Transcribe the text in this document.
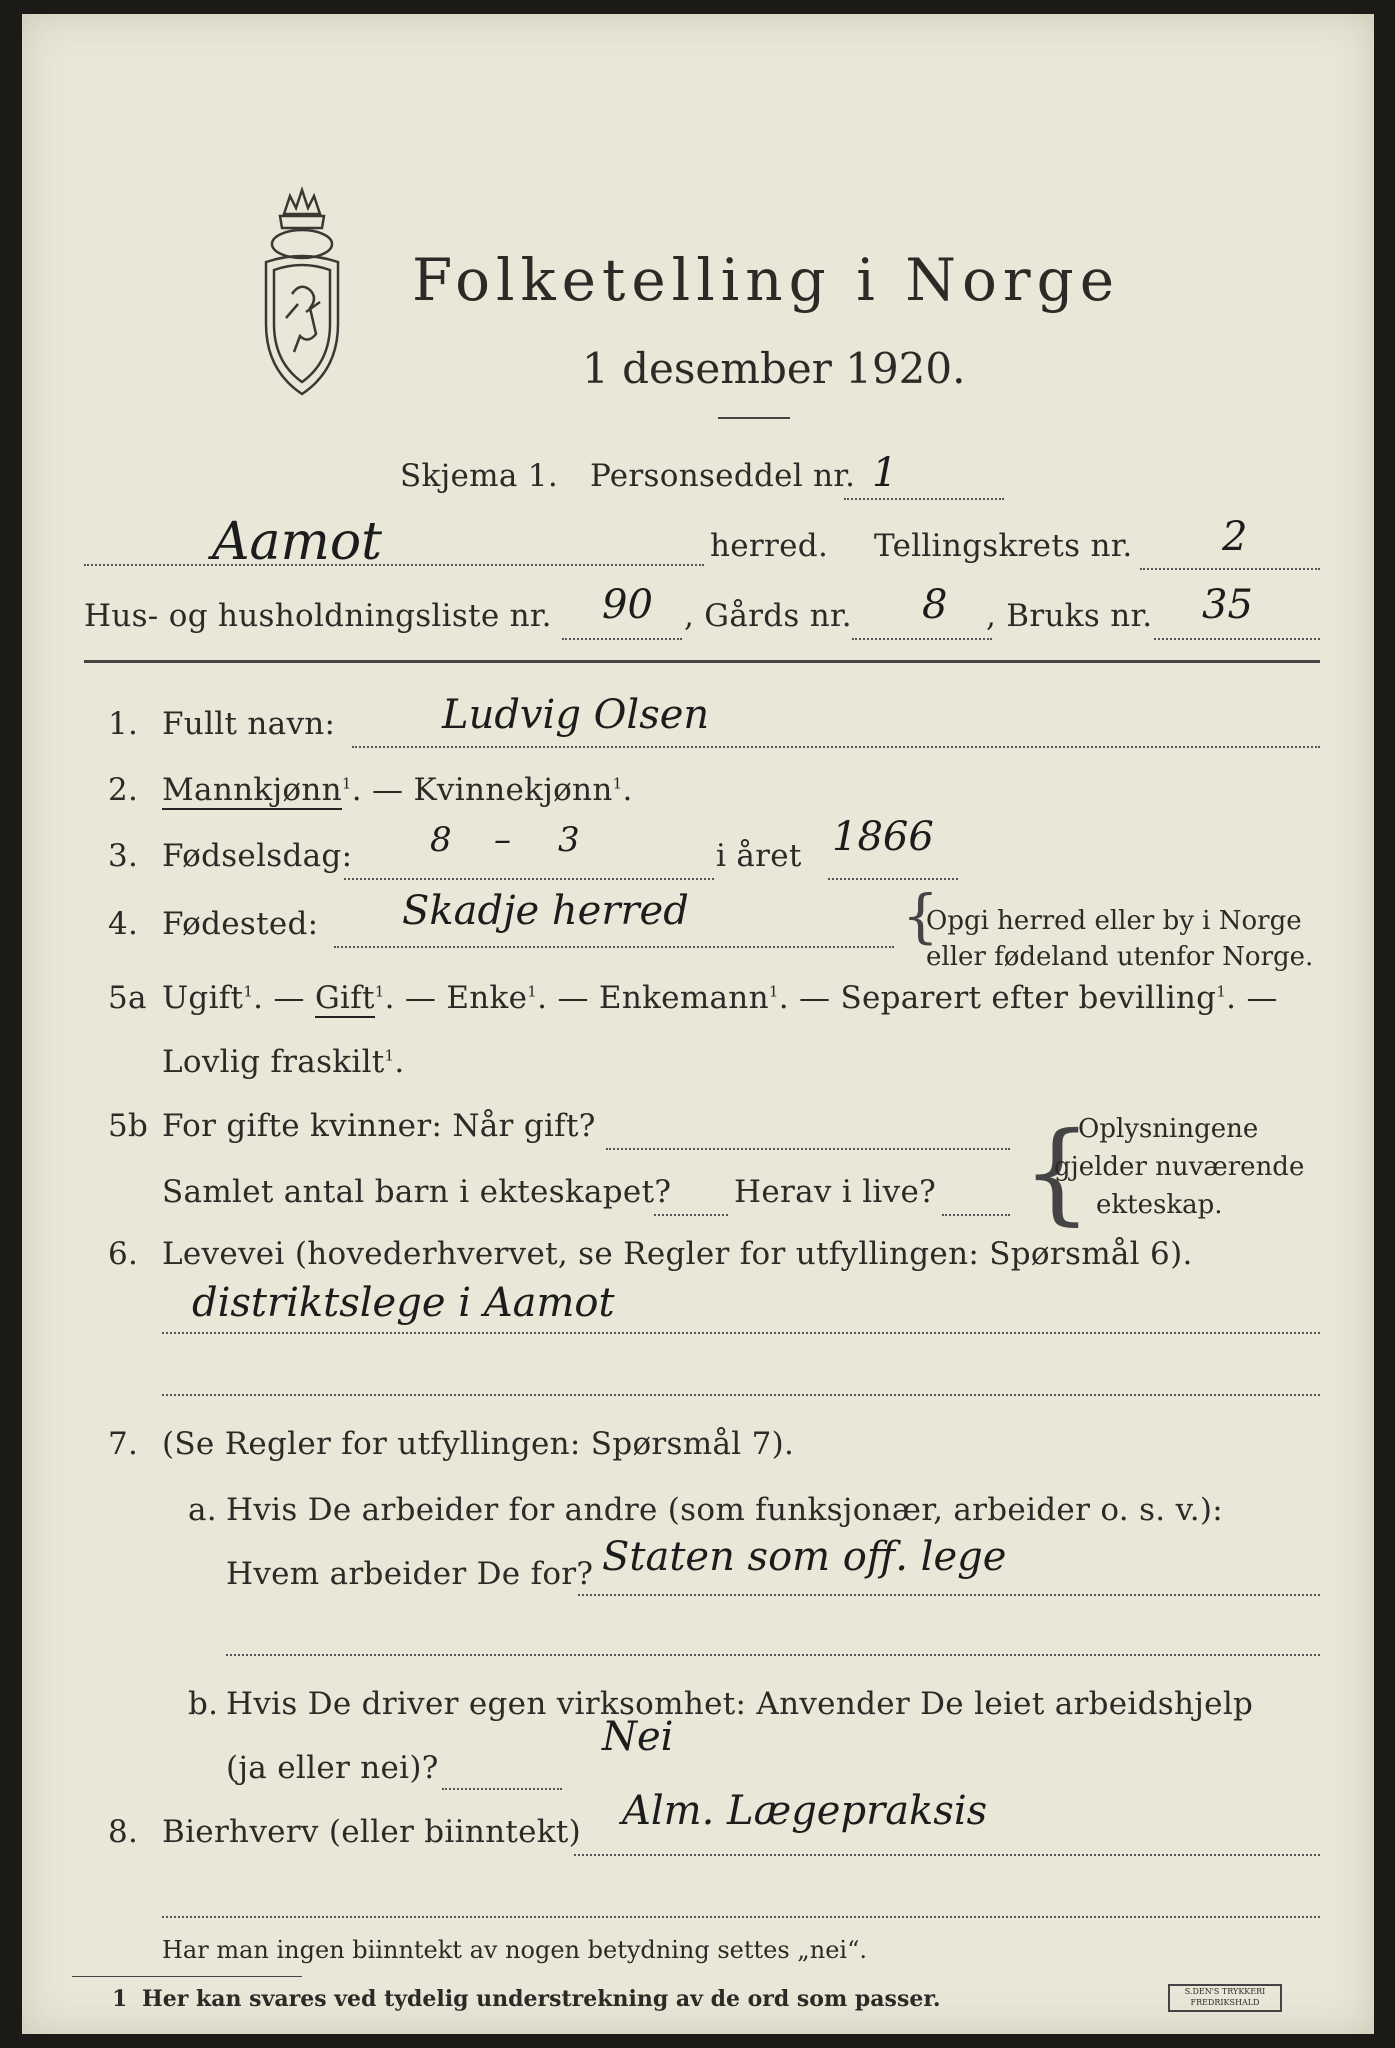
Folketelling i Norge
1 desember 1920.
Skjema 1. Personseddel nr. 1
Aamot	herred. Tellingskrets nr. 2
Hus- og husholdningsliste nr. 90 , Gårds nr. 8 , Bruks nr. 35
1. Fullt navn:	Ludvig Olsen
2. Mannkjønn$^1$. — Kvinnekjønn$^1$.
3. Fødselsdag: 8 – 3	i året 1866
4. Fødested: Skadje herred	{
Opgi herred eller by i Norge
eller fødeland utenfor Norge.
5a Ugift$^1$. — Gift$^1$. — Enke$^1$. — Enkemann$^1$. — Separert efter bevilling$^1$. —
Lovlig fraskilt$^1$.
5b For gifte kvinner: Når gift?
Samlet antal barn i ekteskapet? Herav i live? {
Oplysningene
gjelder nuværende
ekteskap.
6. Levevei (hovederhvervet, se Regler for utfyllingen: Spørsmål 6).
distriktslege i Aamot
7. (Se Regler for utfyllingen: Spørsmål 7).
a. Hvis De arbeider for andre (som funksjonær, arbeider o. s. v.):
Hvem arbeider De for? Staten som off. lege
b. Hvis De driver egen virksomhet: Anvender De leiet arbeidshjelp
(ja eller nei)?
Nei
8. Bierhverv (eller biinntekt) Alm. Lægepraksis
Har man ingen biinntekt av nogen betydning settes „nei“.
1 Her kan svares ved tydelig understrekning av de ord som passer.	S.DEN'S TRYKKERI FREDRIKSHALD
